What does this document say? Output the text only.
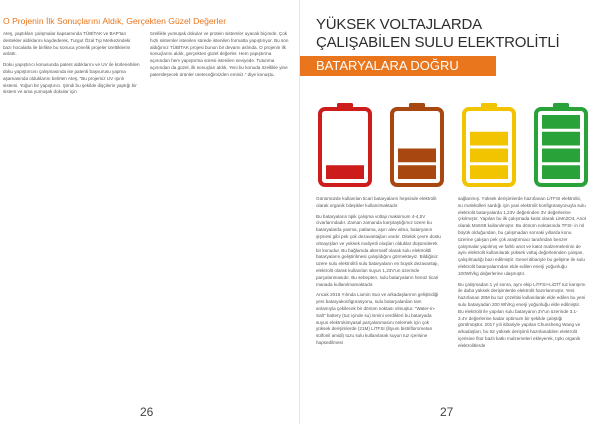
O Projenin İlk Sonuçlarını Aldık, Gerçekten Güzel Değerler

Ateş, yaptıkları çalışmalar kapsamında TÜBİTAK ve BAP'tan destekler aldıklarını kaydederek, Turgut Özal Tıp Merkezindeki bazı hocalarla ile birlikte bu sonuca yönelik projeler ürettiklerini anlattı.

Doku yapıştırıcı konusunda patent aldıklarını ve UV ile kürlenebilen doku yapıştırıcısı çalışmasında ise patenti başvurusu yapma aşamasında olduklarını belirten Ateş, "Bu projemiz UV ışınlı sistemi. Yoğun bir yapıştırıcı. Şimdi bu şekilde dişçilerin yaptığı bir sistem ve ama yumuşak dokular için

özellikle yumuşak dokular ve protein sistemler uyacak biçimde. Çok hızlı sistemler istenilen sürede istenilen formatta yapıştırıyor. Bu son aldığımız TÜBİTAK projesi bunun bir devamı aslında. O projenin ilk sonuçlarını aldık, gerçekten güzel değerler. Hem yapıştırma açısından hem yapıştırma süresi istenilen seviyede. Tutunma açısından da güzel, ilk sonuçları aldık. Yeni bu konuda özellikle yine patentleşecek ürünler üreteceğimizden eminiz." diye konuştu.

26
YÜKSEK VOLTAJLARDA
ÇALIŞABİLEN SULU ELEKTROLİTLİ
BATARYALARA DOĞRU

Günümüzde kullanılan ticari bataryaların hepsinde elektrolit olarak organik bileşikler kullanılmaktadır.

Bu bataryaların tipik çalışma voltajı maksimum 4-4,5V civarlarındadır. Zaman zamanda karşılaştığımız üzere bu bataryalarda yanma, patlama, aşırı alev alma, bataryanın şişmesi gibi pek çok dezavantajları vardır. Ditekik çevre dostu olmayışları ve yüksek maliyetli oluşları olduklar düşünülerek bir konudur. Bu bağlamda alternatif olarak sulu elektrolitli bataryaların geliştirilmesi çalışıldığını görmekteyiz. Bildiğiniz üzere sulu elektrolitli sulu bataryaların en büyük dezavantajı, elektrolit olarak kullanılan suyun 1,23V'un üzerinde parçalanmasıdır. Bu sebepten, sulu bataryaların henüz ticari manada kullanılmamaktadır.

Ancak 2015 Yılında Liumin Suo ve arkadaşlarının geliştirdiği yeni bataryakonfigürasyonu, sulu bataryalardan tam anlamıyla çekilecek bir dönüm noktası olmuştur. "Water-in-Salt" battery (tuz içinde su) ismini verdikleri bu bataryada suyun elektrokimyasal parçalanmasını önlemek için çok yüksek derişimlerde (21M) LiTFSI (lityum bistriflorometan sülfonil amidi) tuzu sulu kullanılarak suyun tuz içerisine hapsedilmesi

sağlanmış. Yüksek derişimlerde hazırlanan LiTFSI elektroliti, su molekülleri sardığı için yani elektrolit konfigürasyonuyla sulu elektrolit bataryalarda 1,23V değerinden 3V değerlerine çıkılmıştır. Yapılan bu ilk çalışmada katot olarak LiMn2O4, Anot olarak Mo6S8 kullanılmıştır. Bu dönüm noktasında TFSI- in rol büyük olduğundan, bu çalışmadan sonraki yıllarda konu üzerine çalışan pek çok araştırmacı tarafından benzer çalışmalar yapılmış ve farklı anot ve katot malzemelerinin de aynı elektrolit kullanılarak yüksek voltaj değerlerinden çalışan, çalışılmadığı bazı edilmiştir. Genel itibariyle bu gelişme ile sulu elektrolit bataryalarından elde edilen enerji yoğunluğu 100Wh/kg değerlerine ulaşmıştır.

Bu çalışmadan 1 yıl sonra, aynı ekip LiTFSI+LiOTf tuz karışımı ile daha yüksek derişimlerde elektrolit hazırlanmıştır. Yeni hazırlanan 28M bu tuz çözeltisi kullanılarak elde edilen bu yeni sulu bataryadan 200 Wh/Kg enerji yoğunluğu elde edilmiştir. Bu elektrolit ile yapılan sulu bataryanın 3V'un üzerinde 3.1-3.4V değerlerine kadar optimum bir şekilde çalıştığı görülmüştür. 2017 yılı itibariyle yapılan Chunsheng Wang ve arkadaşları, bu tür yüksek derişimli hazırlanabilen elektrolit içerisine fitor bazlı katkı malzemeleri ekleyerek, tıpkı organik elektrolitlerde

27
